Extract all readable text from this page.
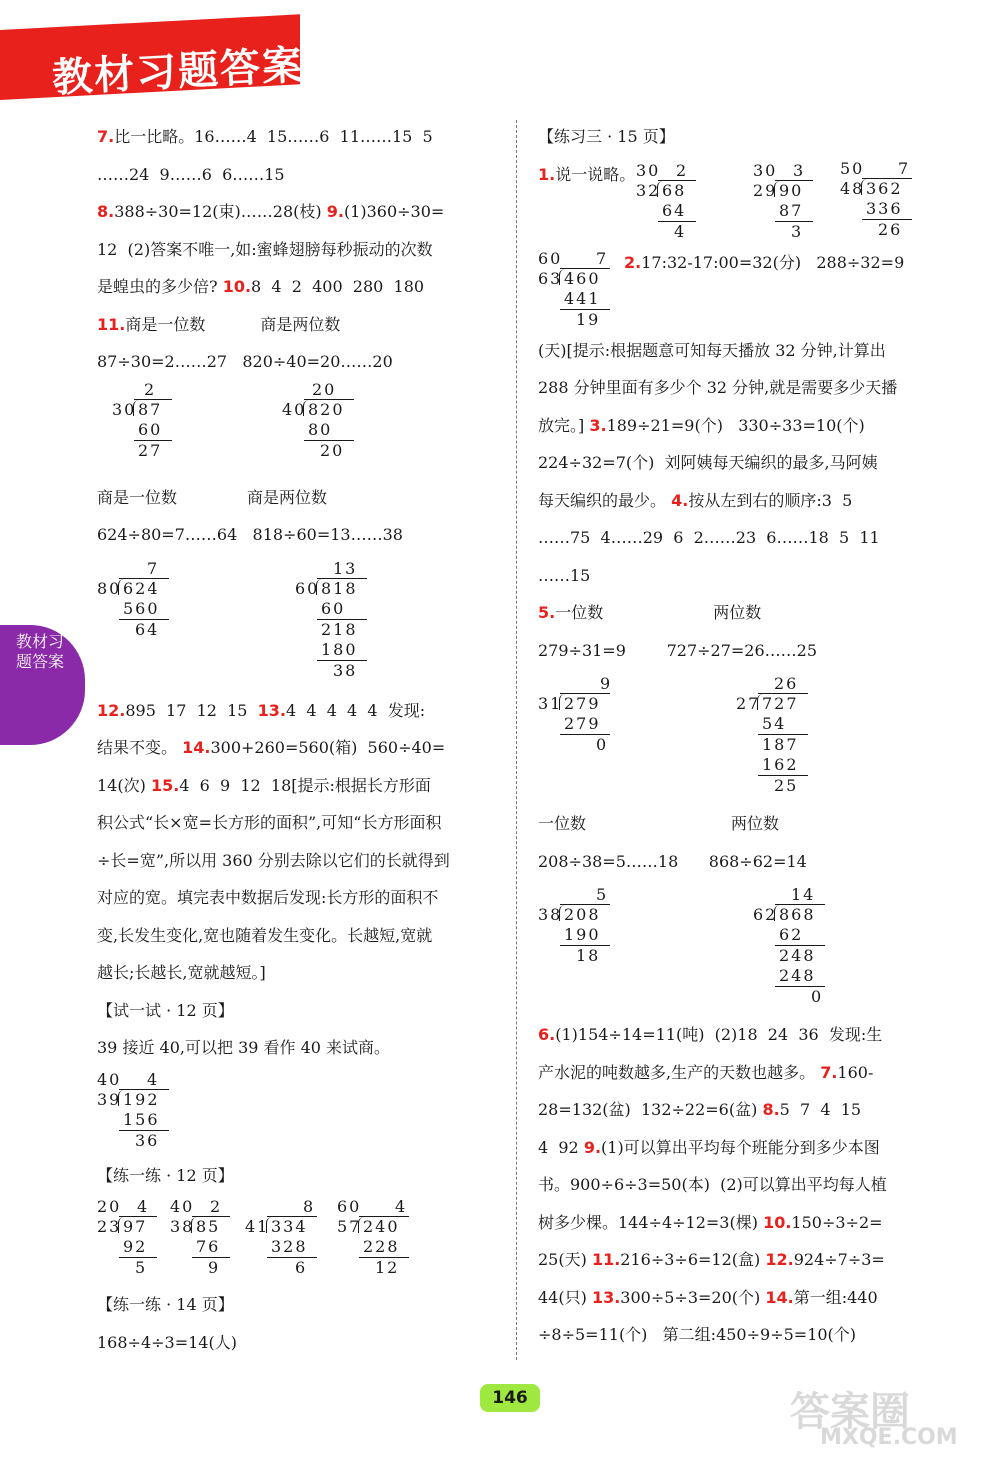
教材习题答案
教材习题答案
7.比一比略。16……4  15……6  11……15  5
……24  9……6  6……15
8.388÷30=12(束)……28(枝) 9.(1)360÷30=
12  (2)答案不唯一,如:蜜蜂翅膀每秒振动的次数
是蝗虫的多少倍? 10.8  4  2  400  280  180
11.商是一位数	商是两位数
87÷30=2……27   820÷40=20……20
2
30 87
60
27
20
40 820
80
20
商是一位数	商是两位数
624÷80=7……64   818÷60=13……38
7
80 624
560
64
13
60 818
60
218
180
38
12.895  17  12  15 13.4  4  4  4  4  发现:
结果不变。 14.300+260=560(箱)  560÷40=
14(次) 15.4  6  9  12  18[提示:根据长方形面
积公式“长×宽=长方形的面积”,可知“长方形面积
÷长=宽”,所以用 360 分别去除以它们的长就得到
对应的宽。填完表中数据后发现:长方形的面积不
变,长发生变化,宽也随着发生变化。长越短,宽就
越长;长越长,宽就越短。]
【试一试 · 12 页】
39 接近 40,可以把 39 看作 40 来试商。
40 4
39 192
156
36
【练一练 · 12 页】
20 4
23 97
92
5
40 2
38 85
76
9
8
41 334
328
6
60 4
57 240
228
12
【练一练 · 14 页】
168÷4÷3=14(人)
【练习三 · 15 页】
1.说一说略。 30 2
32 68
64
4
30 3
29 90
87
3
50 7
48 362
336
26
60 7
63 460
441
19
2.17:32-17:00=32(分)   288÷32=9
(天)[提示:根据题意可知每天播放 32 分钟,计算出
288 分钟里面有多少个 32 分钟,就是需要多少天播
放完。] 3.189÷21=9(个)   330÷33=10(个)
224÷32=7(个)  刘阿姨每天编织的最多,马阿姨
每天编织的最少。 4.按从左到右的顺序:3  5
……75  4……29  6  2……23  6……18  5  11
……15
5.一位数	两位数
279÷31=9        727÷27=26……25
9
31 279
279
0
26
27 727
54
187
162
25
一位数	两位数
208÷38=5……18      868÷62=14
5
38 208
190
18
14
62 868
62
248
248
0
6.(1)154÷14=11(吨)  (2)18  24  36  发现:生
产水泥的吨数越多,生产的天数也越多。 7.160-
28=132(盆)  132÷22=6(盆) 8.5  7  4  15
4  92 9.(1)可以算出平均每个班能分到多少本图
书。900÷6÷3=50(本)  (2)可以算出平均每人植
树多少棵。144÷4÷12=3(棵) 10.150÷3÷2=
25(天) 11.216÷3÷6=12(盒) 12.924÷7÷3=
44(只) 13.300÷5÷3=20(个) 14.第一组:440
÷8÷5=11(个)   第二组:450÷9÷5=10(个)
146	答案圈
MXQE.COM
